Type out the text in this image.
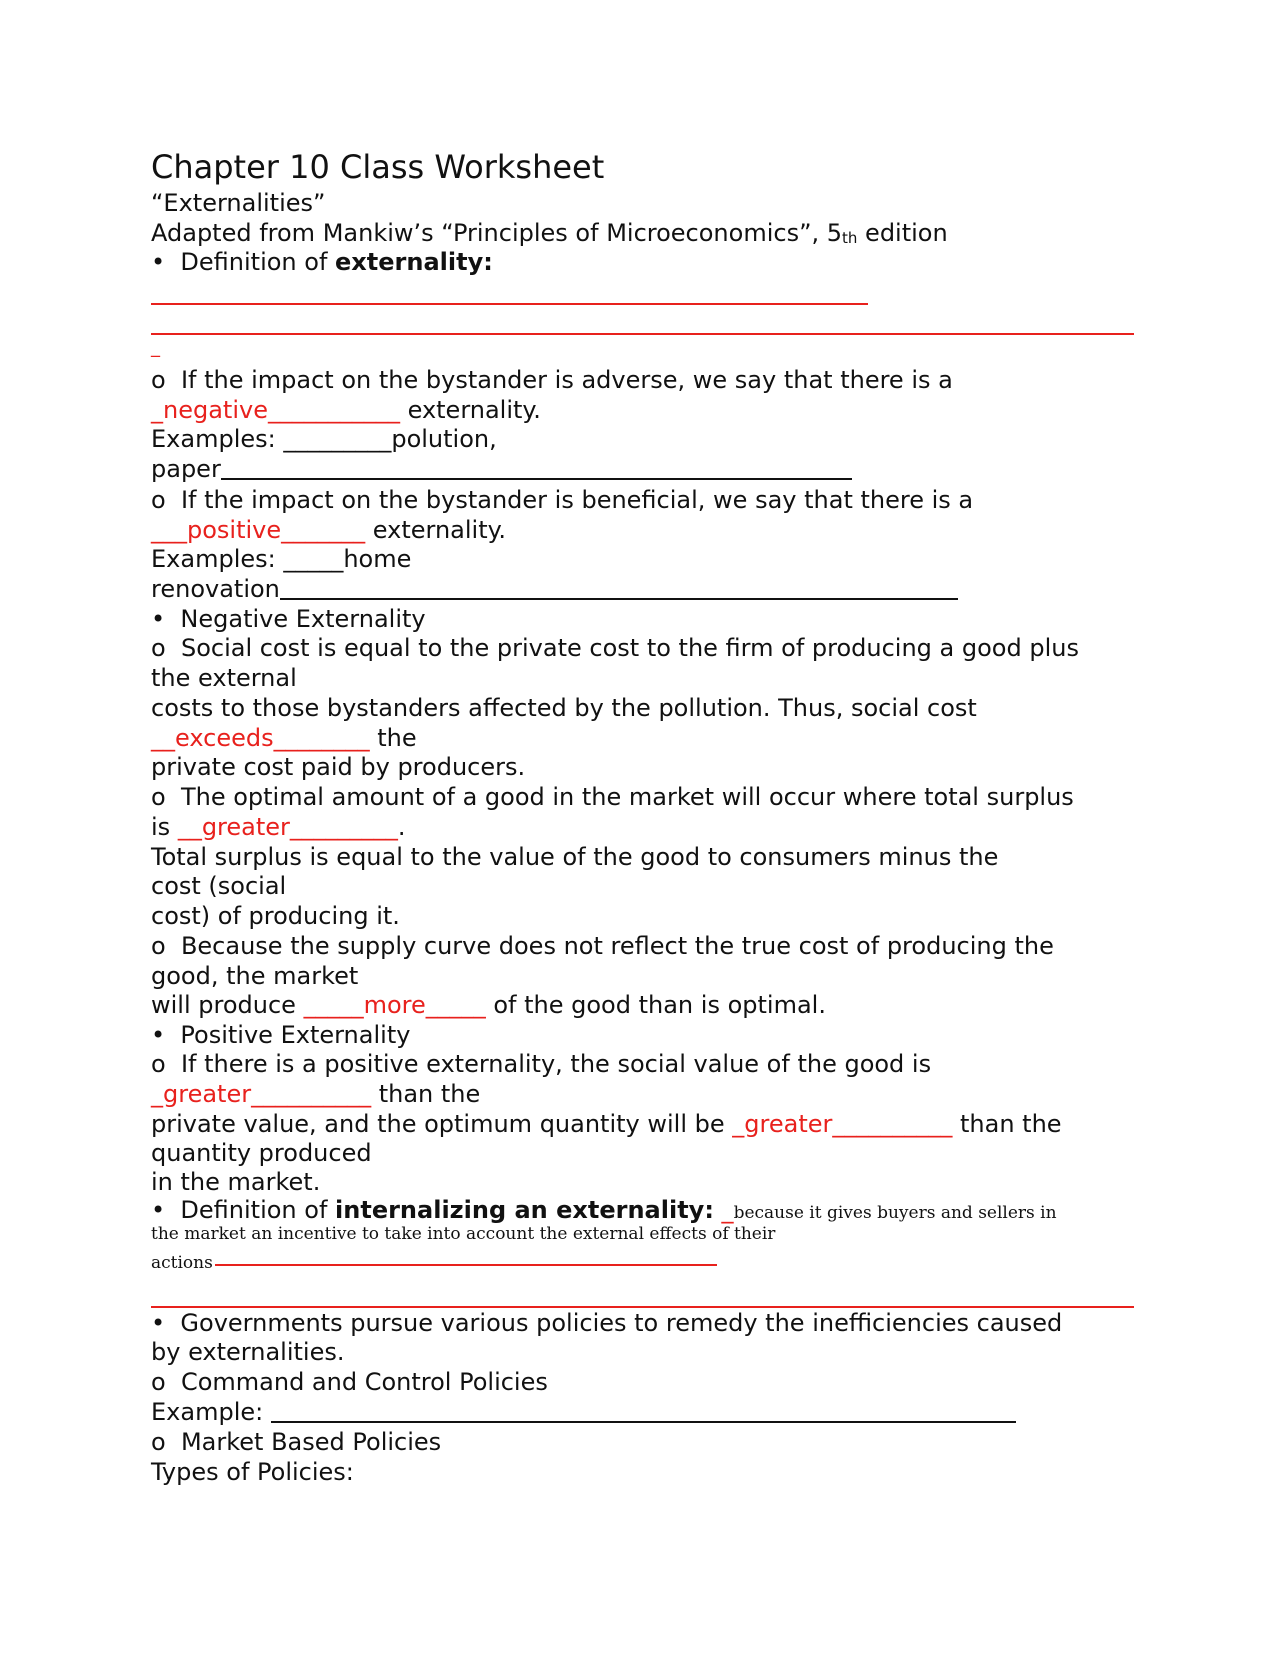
Chapter 10 Class Worksheet
“Externalities”
Adapted from Mankiw’s “Principles of Microeconomics”, 5th edition
• Definition of externality:
_
o If the impact on the bystander is adverse, we say that there is a
_negative___________ externality.
Examples: _________polution,
paper
o If the impact on the bystander is beneficial, we say that there is a
___positive_______ externality.
Examples: _____home
renovation
• Negative Externality
o Social cost is equal to the private cost to the firm of producing a good plus
the external
costs to those bystanders affected by the pollution. Thus, social cost
__exceeds________ the
private cost paid by producers.
o The optimal amount of a good in the market will occur where total surplus
is __greater_________.
Total surplus is equal to the value of the good to consumers minus the
cost (social
cost) of producing it.
o Because the supply curve does not reflect the true cost of producing the
good, the market
will produce _____more_____ of the good than is optimal.
• Positive Externality
o If there is a positive externality, the social value of the good is
_greater__________ than the
private value, and the optimum quantity will be _greater__________ than the
quantity produced
in the market.
• Definition of internalizing an externality: _because it gives buyers and sellers in
the market an incentive to take into account the external effects of their
actions
• Governments pursue various policies to remedy the inefficiencies caused
by externalities.
o Command and Control Policies
Example:
o Market Based Policies
Types of Policies:
